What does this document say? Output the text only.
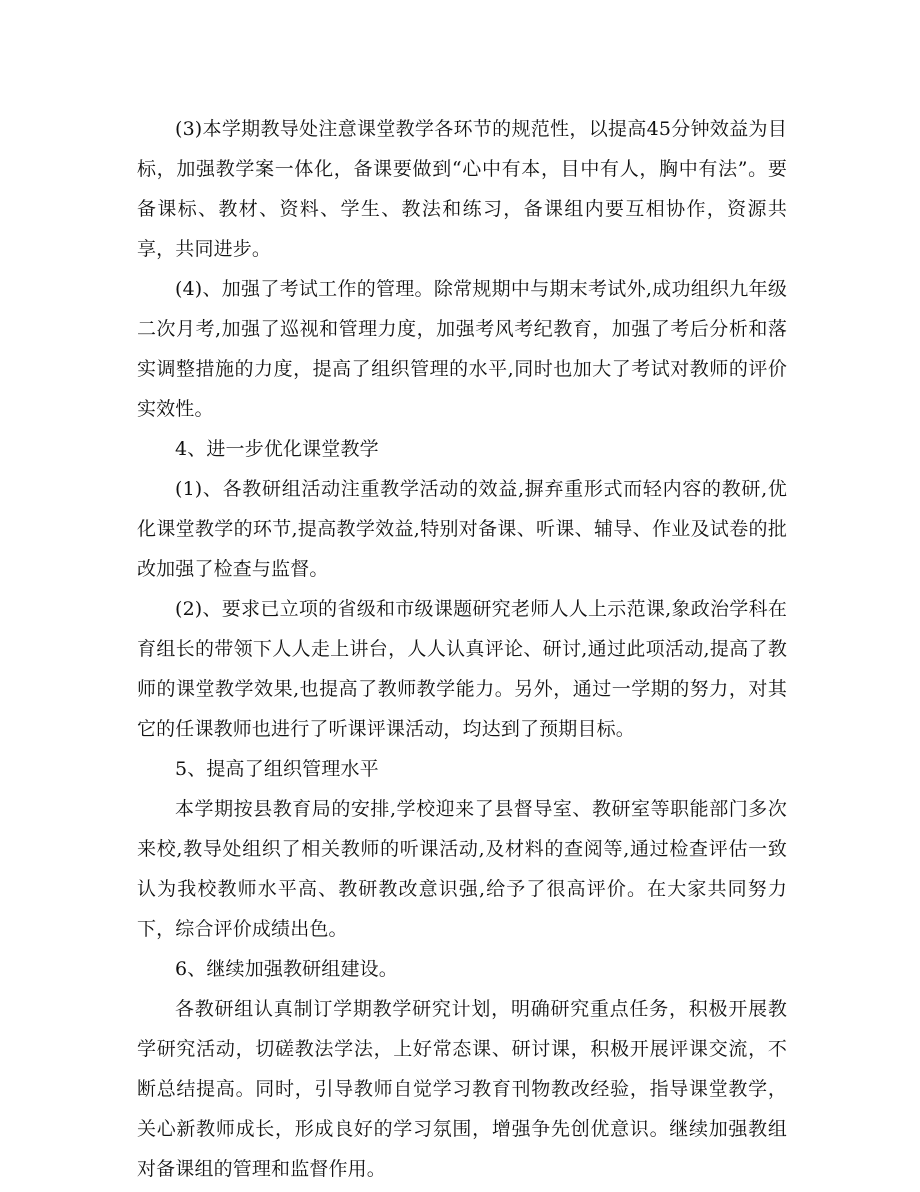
(3)本学期教导处注意课堂教学各环节的规范性，以提高45分钟效益为目标，加强教学案一体化，备课要做到“心中有本，目中有人，胸中有法”。要备课标、教材、资料、学生、教法和练习，备课组内要互相协作，资源共享，共同进步。

(4)、加强了考试工作的管理。除常规期中与期末考试外,成功组织九年级二次月考,加强了巡视和管理力度，加强考风考纪教育，加强了考后分析和落实调整措施的力度，提高了组织管理的水平,同时也加大了考试对教师的评价实效性。

4、进一步优化课堂教学

(1)、各教研组活动注重教学活动的效益,摒弃重形式而轻内容的教研,优化课堂教学的环节,提高教学效益,特别对备课、听课、辅导、作业及试卷的批改加强了检查与监督。

(2)、要求已立项的省级和市级课题研究老师人人上示范课,象政治学科在育组长的带领下人人走上讲台，人人认真评论、研讨,通过此项活动,提高了教师的课堂教学效果,也提高了教师教学能力。另外，通过一学期的努力，对其它的任课教师也进行了听课评课活动，均达到了预期目标。

5、提高了组织管理水平

本学期按县教育局的安排,学校迎来了县督导室、教研室等职能部门多次来校,教导处组织了相关教师的听课活动,及材料的查阅等,通过检查评估一致认为我校教师水平高、教研教改意识强,给予了很高评价。在大家共同努力下，综合评价成绩出色。

6、继续加强教研组建设。

各教研组认真制订学期教学研究计划，明确研究重点任务，积极开展教学研究活动，切磋教法学法，上好常态课、研讨课，积极开展评课交流，不断总结提高。同时，引导教师自觉学习教育刊物教改经验，指导课堂教学，关心新教师成长，形成良好的学习氛围，增强争先创优意识。继续加强教组对备课组的管理和监督作用。
